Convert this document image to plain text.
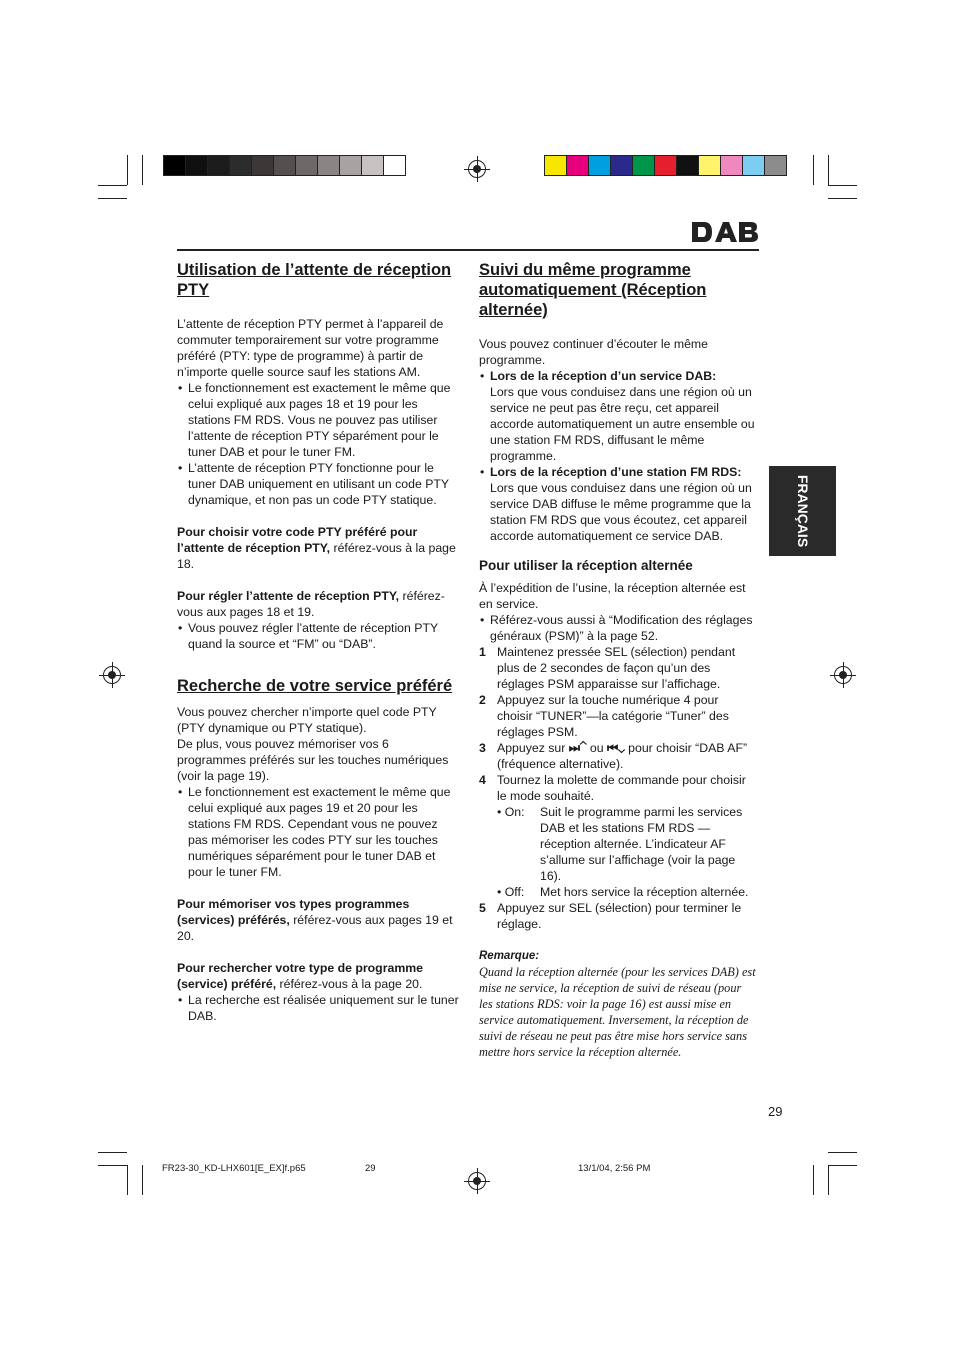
Utilisation de l’attente de réception PTY

L’attente de réception PTY permet à l’appareil de commuter temporairement sur votre programme préféré (PTY: type de programme) à partir de n’importe quelle source sauf les stations AM.

• Le fonctionnement est exactement le même que celui expliqué aux pages 18 et 19 pour les stations FM RDS. Vous ne pouvez pas utiliser l’attente de réception PTY séparément pour le tuner DAB et pour le tuner FM.

• L’attente de réception PTY fonctionne pour le tuner DAB uniquement en utilisant un code PTY dynamique, et non pas un code PTY statique.

Pour choisir votre code PTY préféré pour l’attente de réception PTY, référez-vous à la page 18.

Pour régler l’attente de réception PTY, référez-vous aux pages 18 et 19.

• Vous pouvez régler l’attente de réception PTY quand la source et “FM” ou “DAB”.

Recherche de votre service préféré

Vous pouvez chercher n’importe quel code PTY (PTY dynamique ou PTY statique).

De plus, vous pouvez mémoriser vos 6 programmes préférés sur les touches numériques (voir la page 19).

• Le fonctionnement est exactement le même que celui expliqué aux pages 19 et 20 pour les stations FM RDS. Cependant vous ne pouvez pas mémoriser les codes PTY sur les touches numériques séparément pour le tuner DAB et pour le tuner FM.

Pour mémoriser vos types programmes (services) préférés, référez-vous aux pages 19 et 20.

Pour rechercher votre type de programme (service) préféré, référez-vous à la page 20.

• La recherche est réalisée uniquement sur le tuner DAB.

Suivi du même programme automatiquement (Réception alternée)

Vous pouvez continuer d’écouter le même programme.

• Lors de la réception d’un service DAB:
Lors que vous conduisez dans une région où un service ne peut pas être reçu, cet appareil accorde automatiquement un autre ensemble ou une station FM RDS, diffusant le même programme.

• Lors de la réception d’une station FM RDS:
Lors que vous conduisez dans une région où un service DAB diffuse le même programme que la station FM RDS que vous écoutez, cet appareil accorde automatiquement ce service DAB.

Pour utiliser la réception alternée

À l’expédition de l’usine, la réception alternée est en service.

• Référez-vous aussi à “Modification des réglages généraux (PSM)” à la page 52.

1 Maintenez pressée SEL (sélection) pendant plus de 2 secondes de façon qu’un des réglages PSM apparaisse sur l’affichage.

2 Appuyez sur la touche numérique 4 pour choisir “TUNER”—la catégorie “Tuner” des réglages PSM.

3 Appuyez sur ⏭⌃ ou ⏮⌄ pour choisir “DAB AF” (fréquence alternative).

4 Tournez la molette de commande pour choisir le mode souhaité.

• On:	Suit le programme parmi les services DAB et les stations FM RDS —réception alternée. L’indicateur AF s’allume sur l’affichage (voir la page 16).
• Off:	Met hors service la réception alternée.

5 Appuyez sur SEL (sélection) pour terminer le réglage.

Remarque:

Quand la réception alternée (pour les services DAB) est mise ne service, la réception de suivi de réseau (pour les stations RDS: voir la page 16) est aussi mise en service automatiquement. Inversement, la réception de suivi de réseau ne peut pas être mise hors service sans mettre hors service la réception alternée.

FRANÇAIS
29
FR23-30_KD-LHX601[E_EX]f.p65	29	13/1/04, 2:56 PM
